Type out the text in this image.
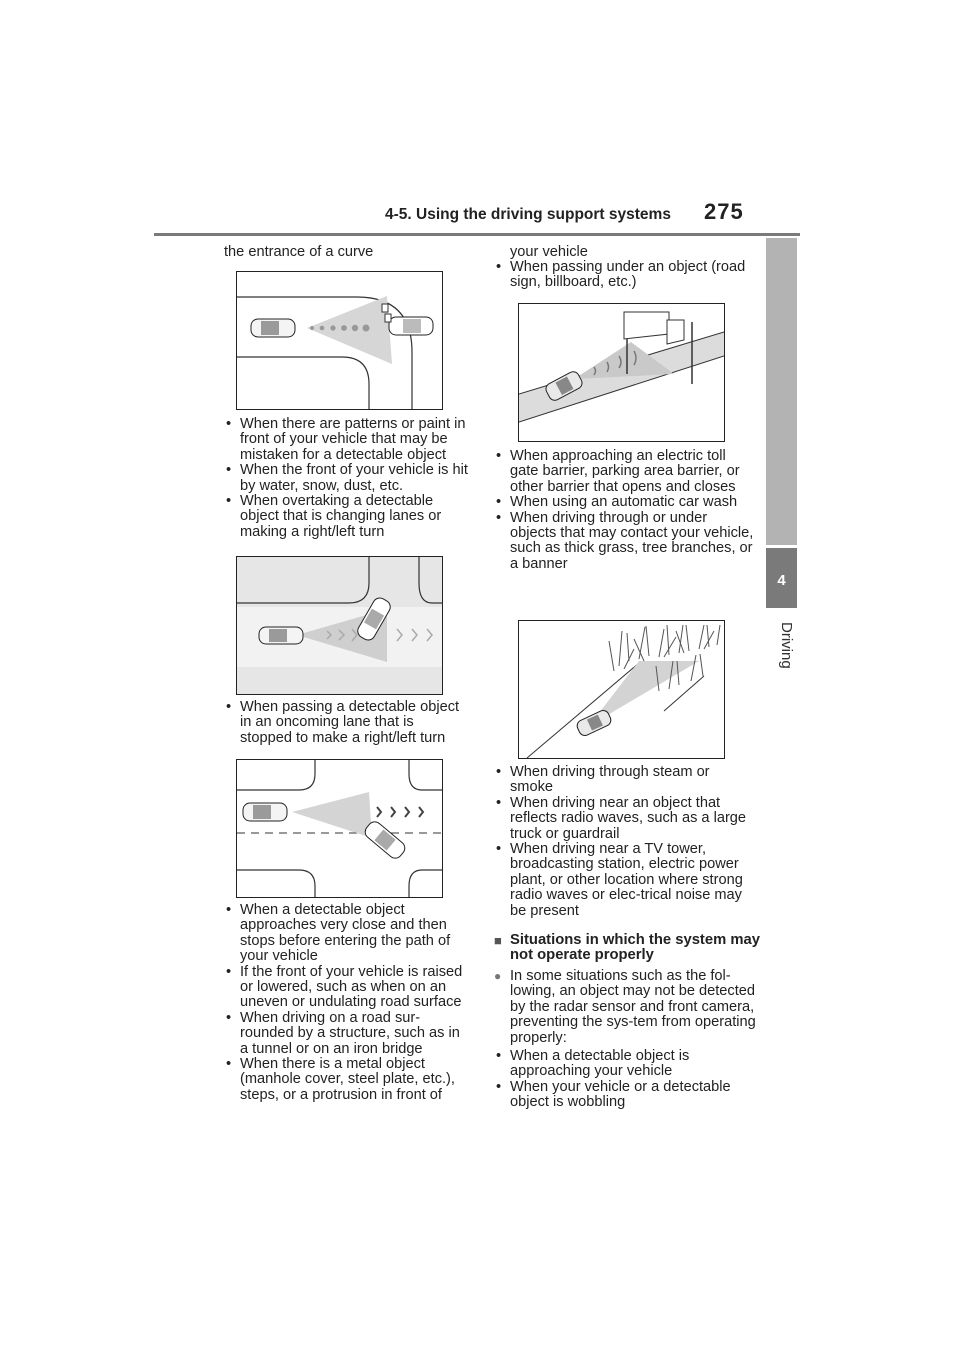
4-5. Using the driving support systems 275
4
Driving

the entrance of a curve

• When there are patterns or paint in front of your vehicle that may be mistaken for a detectable object
• When the front of your vehicle is hit by water, snow, dust, etc.
• When overtaking a detectable object that is changing lanes or making a right/left turn
• When passing a detectable object in an oncoming lane that is stopped to make a right/left turn
• When a detectable object approaches very close and then stops before entering the path of your vehicle
• If the front of your vehicle is raised or lowered, such as when on an uneven or undulating road surface
• When driving on a road sur-rounded by a structure, such as in a tunnel or on an iron bridge
• When there is a metal object (manhole cover, steel plate, etc.), steps, or a protrusion in front of

your vehicle

• When passing under an object (road sign, billboard, etc.)
• When approaching an electric toll gate barrier, parking area barrier, or other barrier that opens and closes
• When using an automatic car wash
• When driving through or under objects that may contact your vehicle, such as thick grass, tree branches, or a banner
• When driving through steam or smoke
• When driving near an object that reflects radio waves, such as a large truck or guardrail
• When driving near a TV tower, broadcasting station, electric power plant, or other location where strong radio waves or elec-trical noise may be present
■ Situations in which the system may not operate properly
● In some situations such as the fol-lowing, an object may not be detected by the radar sensor and front camera, preventing the sys-tem from operating properly:
• When a detectable object is approaching your vehicle
• When your vehicle or a detectable object is wobbling
